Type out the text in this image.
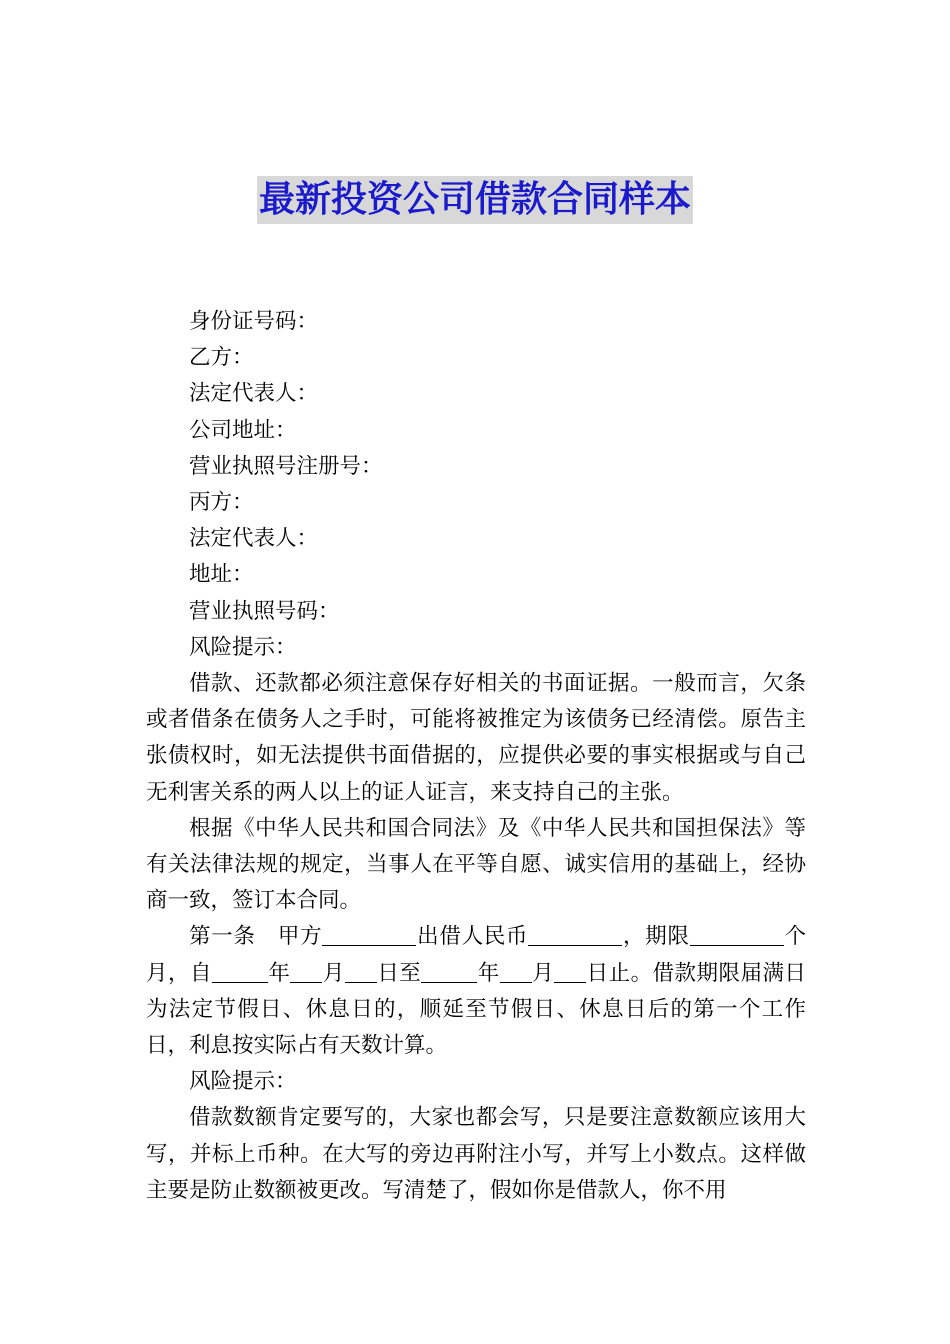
最新投资公司借款合同样本
身份证号码：
乙方：
法定代表人：
公司地址：
营业执照号注册号：
丙方：
法定代表人：
地址：
营业执照号码：
风险提示：
借款、还款都必须注意保存好相关的书面证据。一般而言，欠条或者借条在债务人之手时，可能将被推定为该债务已经清偿。原告主张债权时，如无法提供书面借据的，应提供必要的事实根据或与自己无利害关系的两人以上的证人证言，来支持自己的主张。
根据《中华人民共和国合同法》及《中华人民共和国担保法》等有关法律法规的规定，当事人在平等自愿、诚实信用的基础上，经协商一致，签订本合同。
第一条　甲方	出借人民币	，期限	个月，自	年 月 日至	年 月 日止。借款期限届满日为法定节假日、休息日的，顺延至节假日、休息日后的第一个工作日，利息按实际占有天数计算。
风险提示：
借款数额肯定要写的，大家也都会写，只是要注意数额应该用大写，并标上币种。在大写的旁边再附注小写，并写上小数点。这样做主要是防止数额被更改。写清楚了，假如你是借款人，你不用
